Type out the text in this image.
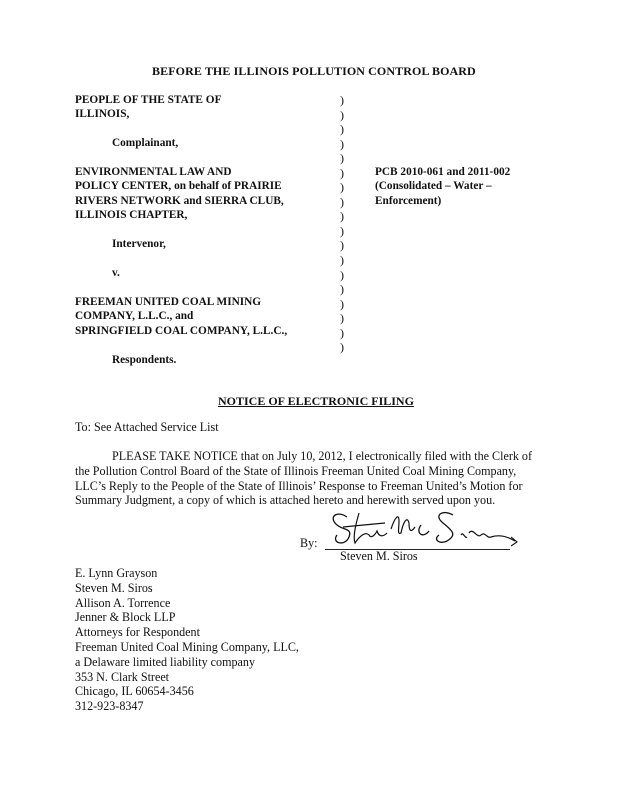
BEFORE THE ILLINOIS POLLUTION CONTROL BOARD
PEOPLE OF THE STATE OF
ILLINOIS,
Complainant,
ENVIRONMENTAL LAW AND
POLICY CENTER, on behalf of PRAIRIE
RIVERS NETWORK and SIERRA CLUB,
ILLINOIS CHAPTER,
Intervenor,
v.
FREEMAN UNITED COAL MINING
COMPANY, L.L.C., and
SPRINGFIELD COAL COMPANY, L.L.C.,
Respondents.
)
)
)
)
)
)
)
)
)
)
)
)
)
)
)
)
)
)
PCB 2010-061 and 2011-002
(Consolidated – Water –
Enforcement)
NOTICE OF ELECTRONIC FILING
To: See Attached Service List
PLEASE TAKE NOTICE that on July 10, 2012, I electronically filed with the Clerk of
the Pollution Control Board of the State of Illinois Freeman United Coal Mining Company,
LLC’s Reply to the People of the State of Illinois’ Response to Freeman United’s Motion for
Summary Judgment, a copy of which is attached hereto and herewith served upon you.
By:
Steven M. Siros
E. Lynn Grayson
Steven M. Siros
Allison A. Torrence
Jenner & Block LLP
Attorneys for Respondent
Freeman United Coal Mining Company, LLC,
a Delaware limited liability company
353 N. Clark Street
Chicago, IL 60654-3456
312-923-8347
